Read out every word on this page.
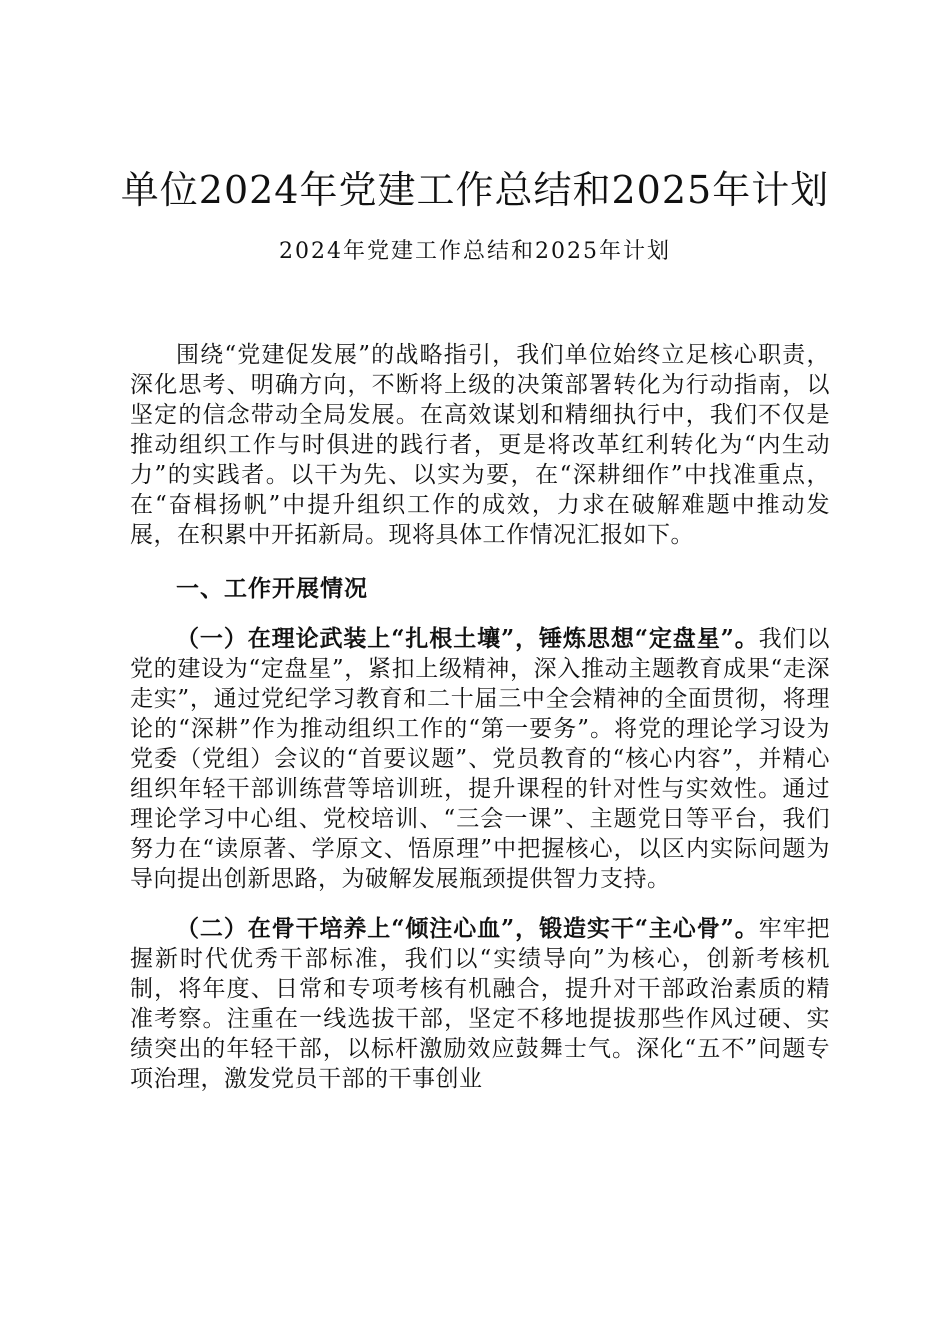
单位2024年党建工作总结和2025年计划
2024年党建工作总结和2025年计划

围绕“党建促发展”的战略指引，我们单位始终立足核心职责，深化思考、明确方向，不断将上级的决策部署转化为行动指南，以坚定的信念带动全局发展。在高效谋划和精细执行中，我们不仅是推动组织工作与时俱进的践行者，更是将改革红利转化为“内生动力”的实践者。以干为先、以实为要，在“深耕细作”中找准重点，在“奋楫扬帆”中提升组织工作的成效，力求在破解难题中推动发展，在积累中开拓新局。现将具体工作情况汇报如下。

一、工作开展情况

（一）在理论武装上“扎根土壤”，锤炼思想“定盘星”。我们以党的建设为“定盘星”，紧扣上级精神，深入推动主题教育成果“走深走实”，通过党纪学习教育和二十届三中全会精神的全面贯彻，将理论的“深耕”作为推动组织工作的“第一要务”。将党的理论学习设为党委（党组）会议的“首要议题”、党员教育的“核心内容”，并精心组织年轻干部训练营等培训班，提升课程的针对性与实效性。通过理论学习中心组、党校培训、“三会一课”、主题党日等平台，我们努力在“读原著、学原文、悟原理”中把握核心，以区内实际问题为导向提出创新思路，为破解发展瓶颈提供智力支持。

（二）在骨干培养上“倾注心血”，锻造实干“主心骨”。牢牢把握新时代优秀干部标准，我们以“实绩导向”为核心，创新考核机制，将年度、日常和专项考核有机融合，提升对干部政治素质的精准考察。注重在一线选拔干部，坚定不移地提拔那些作风过硬、实绩突出的年轻干部，以标杆激励效应鼓舞士气。深化“五不”问题专项治理，激发党员干部的干事创业
